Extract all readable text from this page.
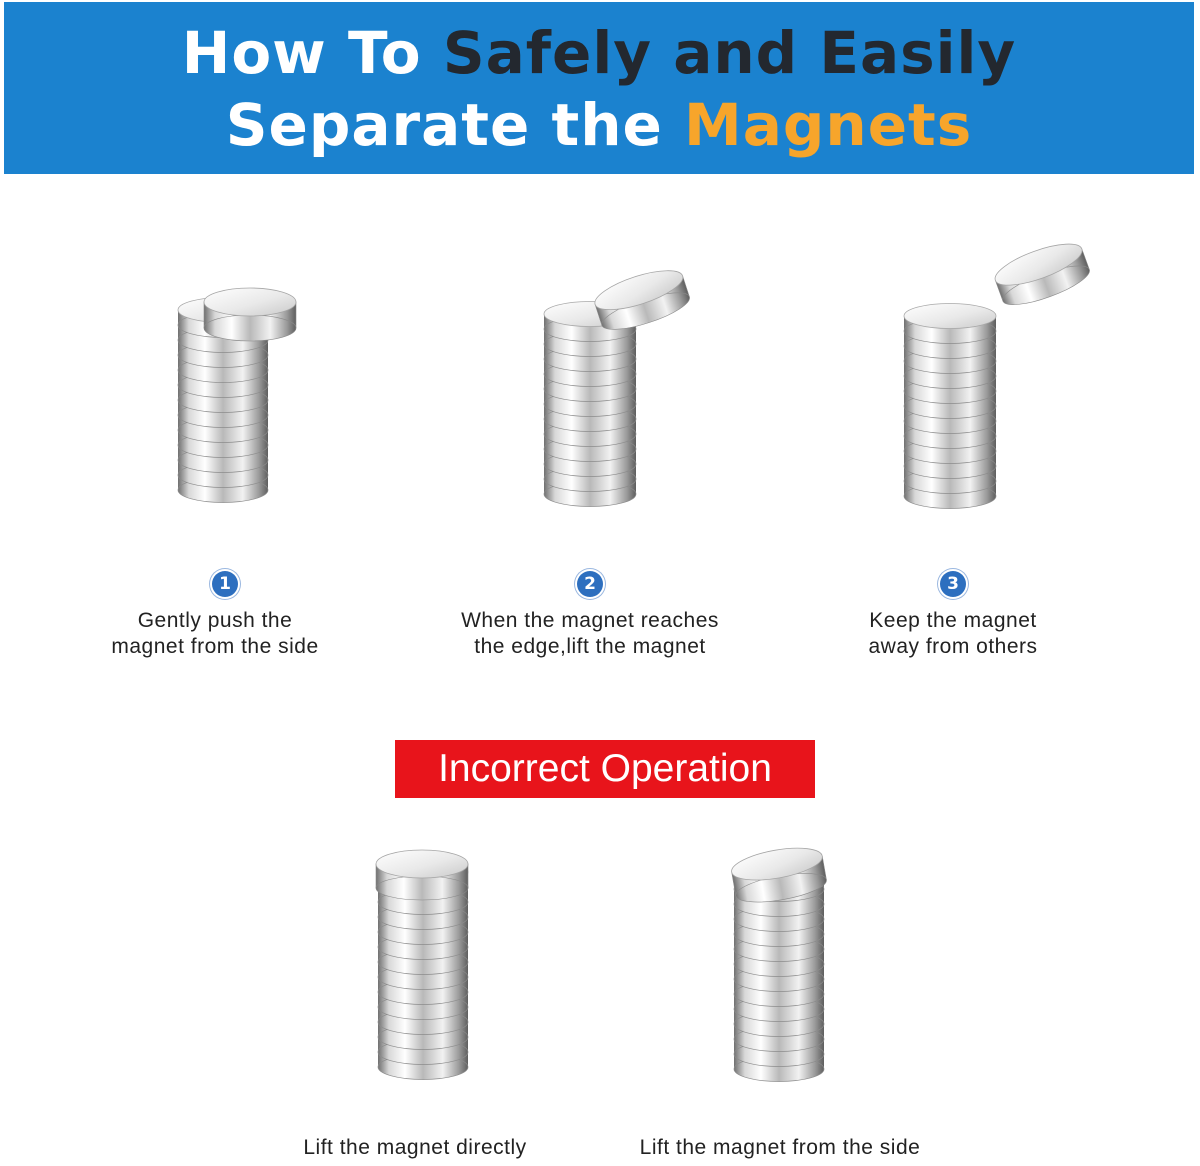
How To Safely and Easily
Separate the Magnets
1	2	3
Gently push the
magnet from the side
When the magnet reaches
the edge,lift the magnet
Keep the magnet
away from others
Incorrect Operation
Lift the magnet directly	Lift the magnet from the side
